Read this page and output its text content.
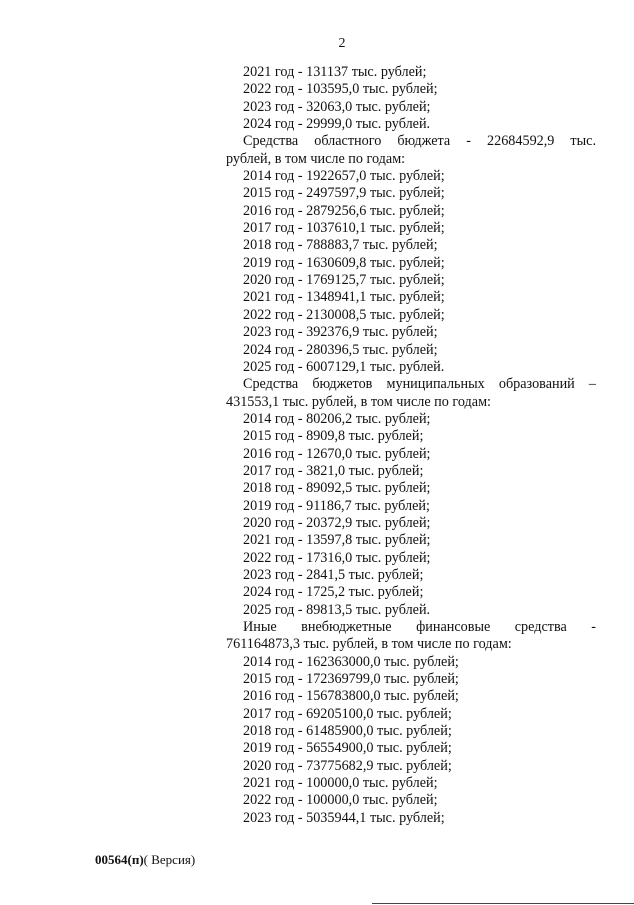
2
2021 год - 131137 тыс. рублей;
2022 год - 103595,0 тыс. рублей;
2023 год - 32063,0 тыс. рублей;
2024 год - 29999,0 тыс. рублей.
Средства областного бюджета - 22684592,9 тыс.
рублей, в том числе по годам:
2014 год - 1922657,0 тыс. рублей;
2015 год - 2497597,9 тыс. рублей;
2016 год - 2879256,6 тыс. рублей;
2017 год - 1037610,1 тыс. рублей;
2018 год - 788883,7 тыс. рублей;
2019 год - 1630609,8 тыс. рублей;
2020 год - 1769125,7 тыс. рублей;
2021 год - 1348941,1 тыс. рублей;
2022 год - 2130008,5 тыс. рублей;
2023 год - 392376,9 тыс. рублей;
2024 год - 280396,5 тыс. рублей;
2025 год - 6007129,1 тыс. рублей.
Средства бюджетов муниципальных образований –
431553,1 тыс. рублей, в том числе по годам:
2014 год - 80206,2 тыс. рублей;
2015 год - 8909,8 тыс. рублей;
2016 год - 12670,0 тыс. рублей;
2017 год - 3821,0 тыс. рублей;
2018 год - 89092,5 тыс. рублей;
2019 год - 91186,7 тыс. рублей;
2020 год - 20372,9 тыс. рублей;
2021 год - 13597,8 тыс. рублей;
2022 год - 17316,0 тыс. рублей;
2023 год - 2841,5 тыс. рублей;
2024 год - 1725,2 тыс. рублей;
2025 год - 89813,5 тыс. рублей.
Иные внебюджетные финансовые средства -
761164873,3 тыс. рублей, в том числе по годам:
2014 год - 162363000,0 тыс. рублей;
2015 год - 172369799,0 тыс. рублей;
2016 год - 156783800,0 тыс. рублей;
2017 год - 69205100,0 тыс. рублей;
2018 год - 61485900,0 тыс. рублей;
2019 год - 56554900,0 тыс. рублей;
2020 год - 73775682,9 тыс. рублей;
2021 год - 100000,0 тыс. рублей;
2022 год - 100000,0 тыс. рублей;
2023 год - 5035944,1 тыс. рублей;
00564(п)( Версия)
